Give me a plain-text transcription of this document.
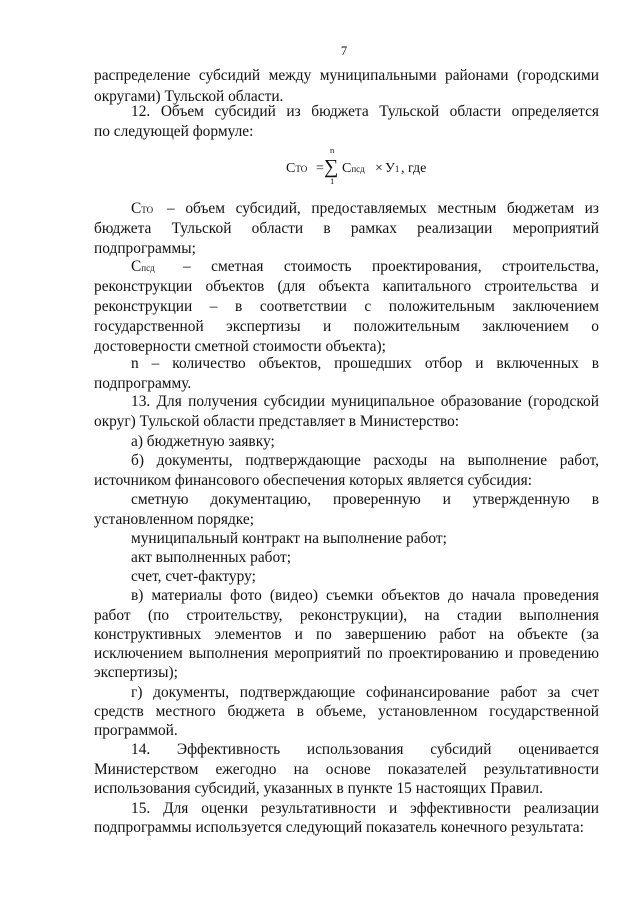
7
распределение субсидий между муниципальными районами (городскими
округами) Тульской области.
12. Объем субсидий из бюджета Тульской области определяется
по следующей формуле:
СТО =
n
∑
1
Спсд × У1 , где
СТО – объем субсидий, предоставляемых местным бюджетам из
бюджета Тульской области в рамках реализации мероприятий
подпрограммы;
Спсд – сметная стоимость проектирования, строительства,
реконструкции объектов (для объекта капитального строительства и
реконструкции – в соответствии с положительным заключением
государственной экспертизы и положительным заключением о
достоверности сметной стоимости объекта);
n – количество объектов, прошедших отбор и включенных в
подпрограмму.
13. Для получения субсидии муниципальное образование (городской
округ) Тульской области представляет в Министерство:
а) бюджетную заявку;
б) документы, подтверждающие расходы на выполнение работ,
источником финансового обеспечения которых является субсидия:
сметную документацию, проверенную и утвержденную в
установленном порядке;
муниципальный контракт на выполнение работ;
акт выполненных работ;
счет, счет-фактуру;
в) материалы фото (видео) съемки объектов до начала проведения
работ (по строительству, реконструкции), на стадии выполнения
конструктивных элементов и по завершению работ на объекте (за
исключением выполнения мероприятий по проектированию и проведению
экспертизы);
г) документы, подтверждающие софинансирование работ за счет
средств местного бюджета в объеме, установленном государственной
программой.
14. Эффективность использования субсидий оценивается
Министерством ежегодно на основе показателей результативности
использования субсидий, указанных в пункте 15 настоящих Правил.
15. Для оценки результативности и эффективности реализации
подпрограммы используется следующий показатель конечного результата:
